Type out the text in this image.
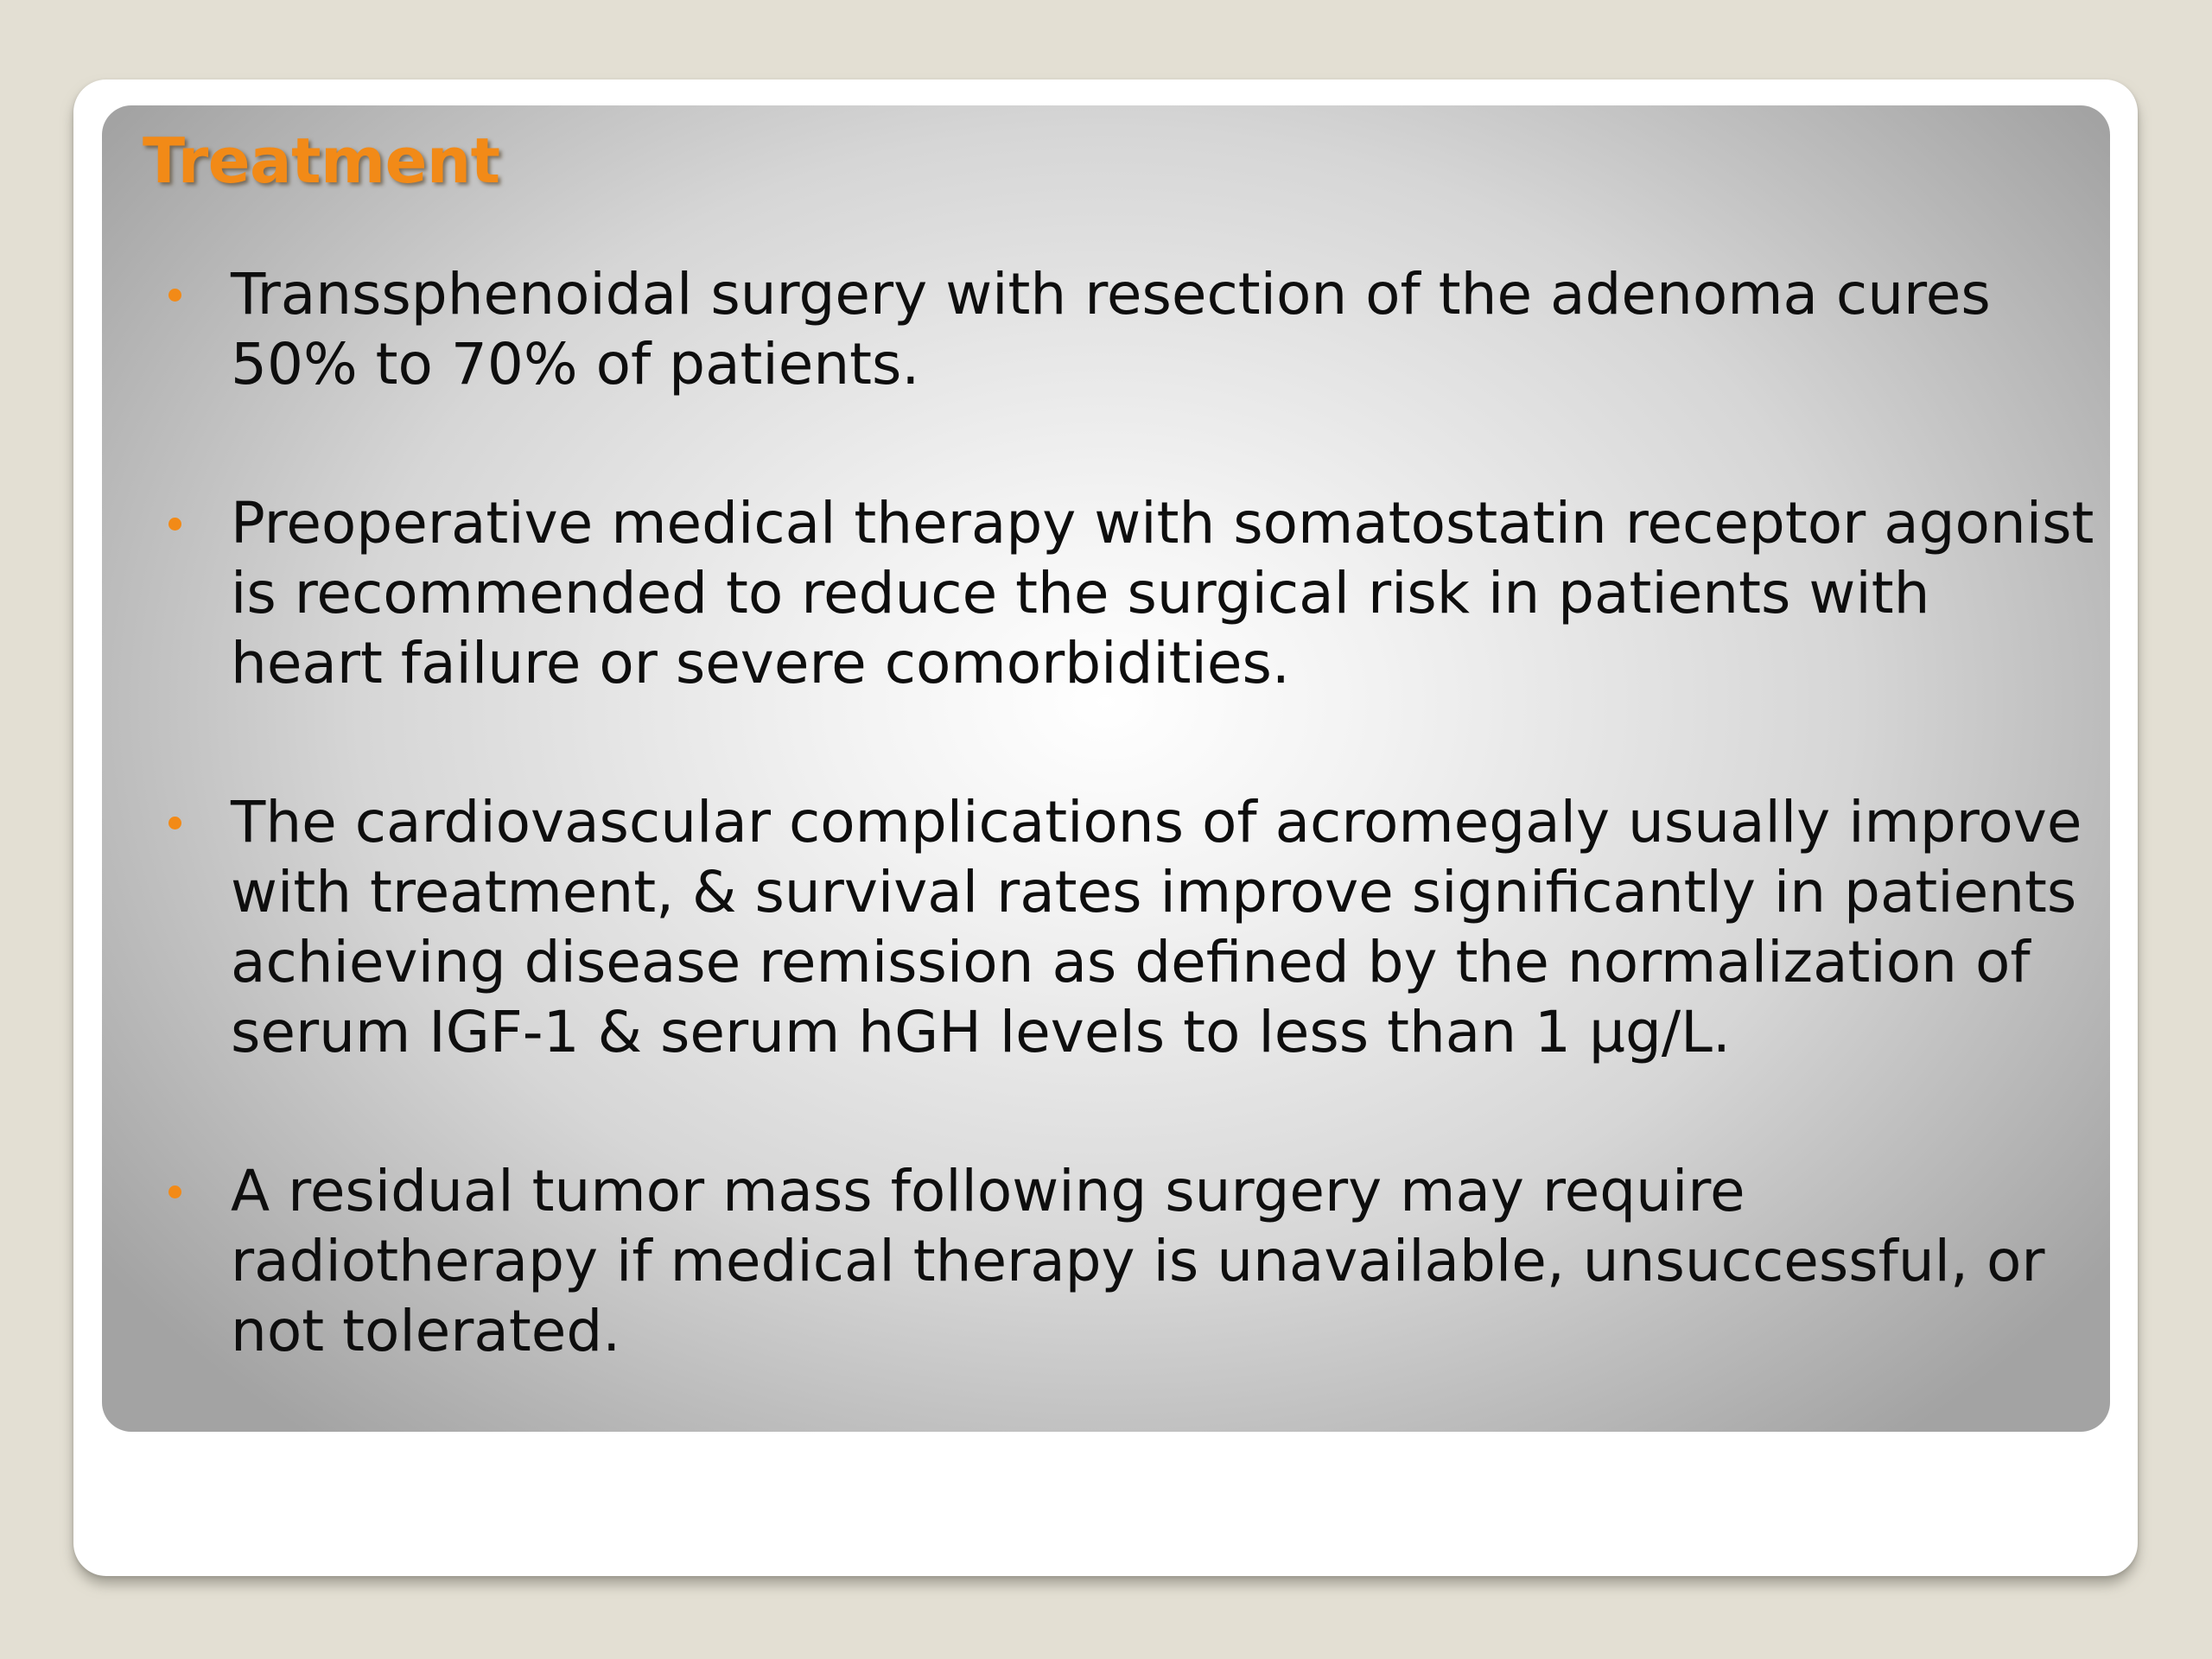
Treatment
Transsphenoidal surgery with resection of the adenoma cures 50% to 70% of patients.
Preoperative medical therapy with somatostatin receptor agonist is recommended to reduce the surgical risk in patients with heart failure or severe comorbidities.
The cardiovascular complications of acromegaly usually improve with treatment, & survival rates improve significantly in patients achieving disease remission as defined by the normalization of serum IGF-1 & serum hGH levels to less than 1 µg/L.
A residual tumor mass following surgery may require radiotherapy if medical therapy is unavailable, unsuccessful, or not tolerated.
